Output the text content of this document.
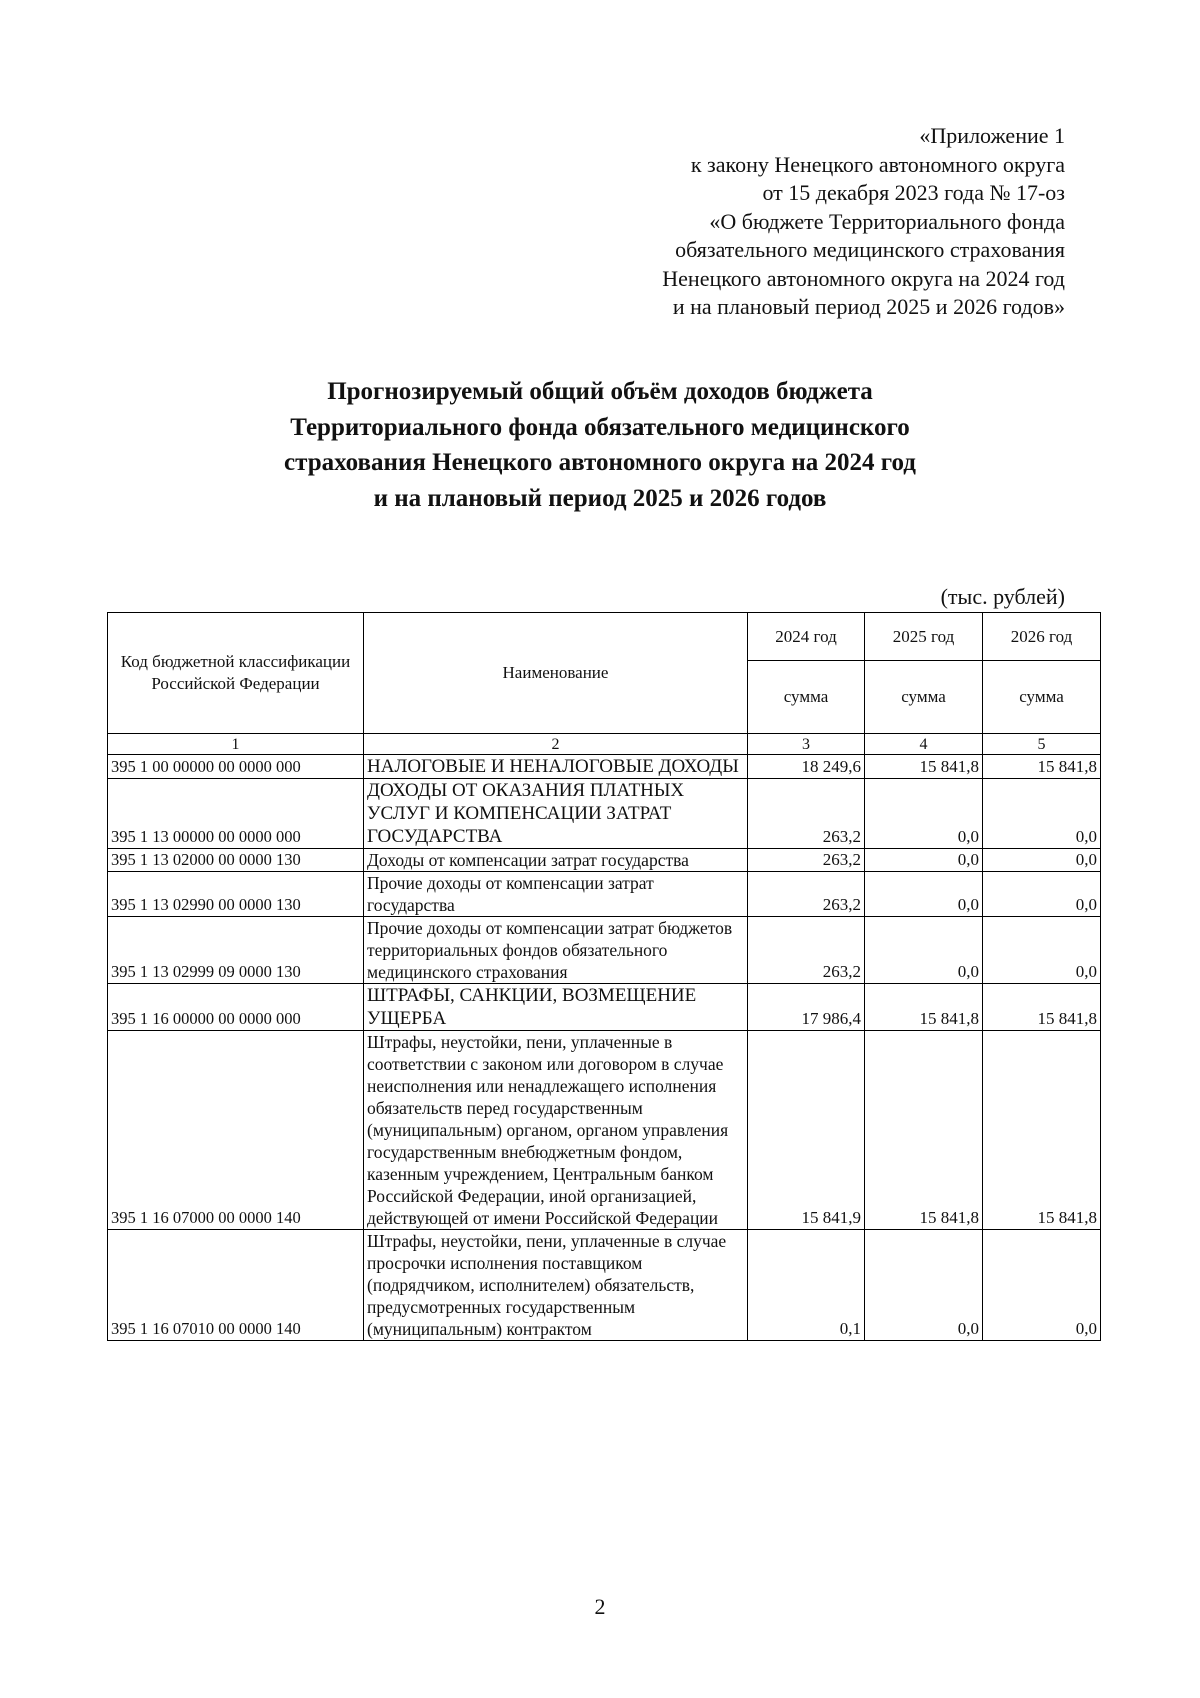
«Приложение 1
к закону Ненецкого автономного округа
от 15 декабря 2023 года № 17-оз
«О бюджете Территориального фонда
обязательного медицинского страхования
Ненецкого автономного округа на 2024 год
и на плановый период 2025 и 2026 годов»
Прогнозируемый общий объём доходов бюджета
Территориального фонда обязательного медицинского
страхования Ненецкого автономного округа на 2024 год
и на плановый период 2025 и 2026 годов
(тыс. рублей)
Код бюджетной классификации Российской Федерации	Наименование	2024 год	2025 год	2026 год
		сумма	сумма	сумма
1	2	3	4	5
395 1 00 00000 00 0000 000	НАЛОГОВЫЕ И НЕНАЛОГОВЫЕ ДОХОДЫ	18 249,6	15 841,8	15 841,8
395 1 13 00000 00 0000 000	ДОХОДЫ ОТ ОКАЗАНИЯ ПЛАТНЫХ УСЛУГ И КОМПЕНСАЦИИ ЗАТРАТ ГОСУДАРСТВА	263,2	0,0	0,0
395 1 13 02000 00 0000 130	Доходы от компенсации затрат государства	263,2	0,0	0,0
395 1 13 02990 00 0000 130	Прочие доходы от компенсации затрат государства	263,2	0,0	0,0
395 1 13 02999 09 0000 130	Прочие доходы от компенсации затрат бюджетов территориальных фондов обязательного медицинского страхования	263,2	0,0	0,0
395 1 16 00000 00 0000 000	ШТРАФЫ, САНКЦИИ, ВОЗМЕЩЕНИЕ УЩЕРБА	17 986,4	15 841,8	15 841,8
395 1 16 07000 00 0000 140	Штрафы, неустойки, пени, уплаченные в соответствии с законом или договором в случае неисполнения или ненадлежащего исполнения обязательств перед государственным (муниципальным) органом, органом управления государственным внебюджетным фондом, казенным учреждением, Центральным банком Российской Федерации, иной организацией, действующей от имени Российской Федерации	15 841,9	15 841,8	15 841,8
395 1 16 07010 00 0000 140	Штрафы, неустойки, пени, уплаченные в случае просрочки исполнения поставщиком (подрядчиком, исполнителем) обязательств, предусмотренных государственным (муниципальным) контрактом	0,1	0,0	0,0
2
